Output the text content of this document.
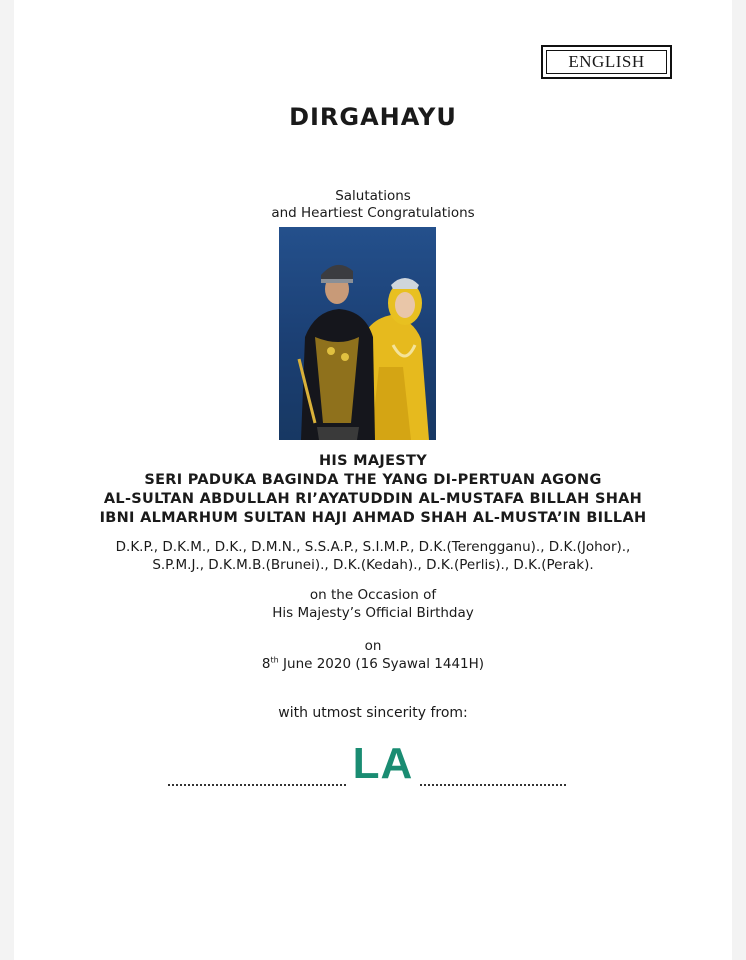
ENGLISH
DIRGAHAYU
Salutations
and Heartiest Congratulations
HIS MAJESTY
SERI PADUKA BAGINDA THE YANG DI-PERTUAN AGONG
AL-SULTAN ABDULLAH RI’AYATUDDIN AL-MUSTAFA BILLAH SHAH
IBNI ALMARHUM SULTAN HAJI AHMAD SHAH AL-MUSTA’IN BILLAH
D.K.P., D.K.M., D.K., D.M.N., S.S.A.P., S.I.M.P., D.K.(Terengganu)., D.K.(Johor).,
S.P.M.J., D.K.M.B.(Brunei)., D.K.(Kedah)., D.K.(Perlis)., D.K.(Perak).
on the Occasion of
His Majesty’s Official Birthday
on
8th June 2020 (16 Syawal 1441H)
with utmost sincerity from:
LA
